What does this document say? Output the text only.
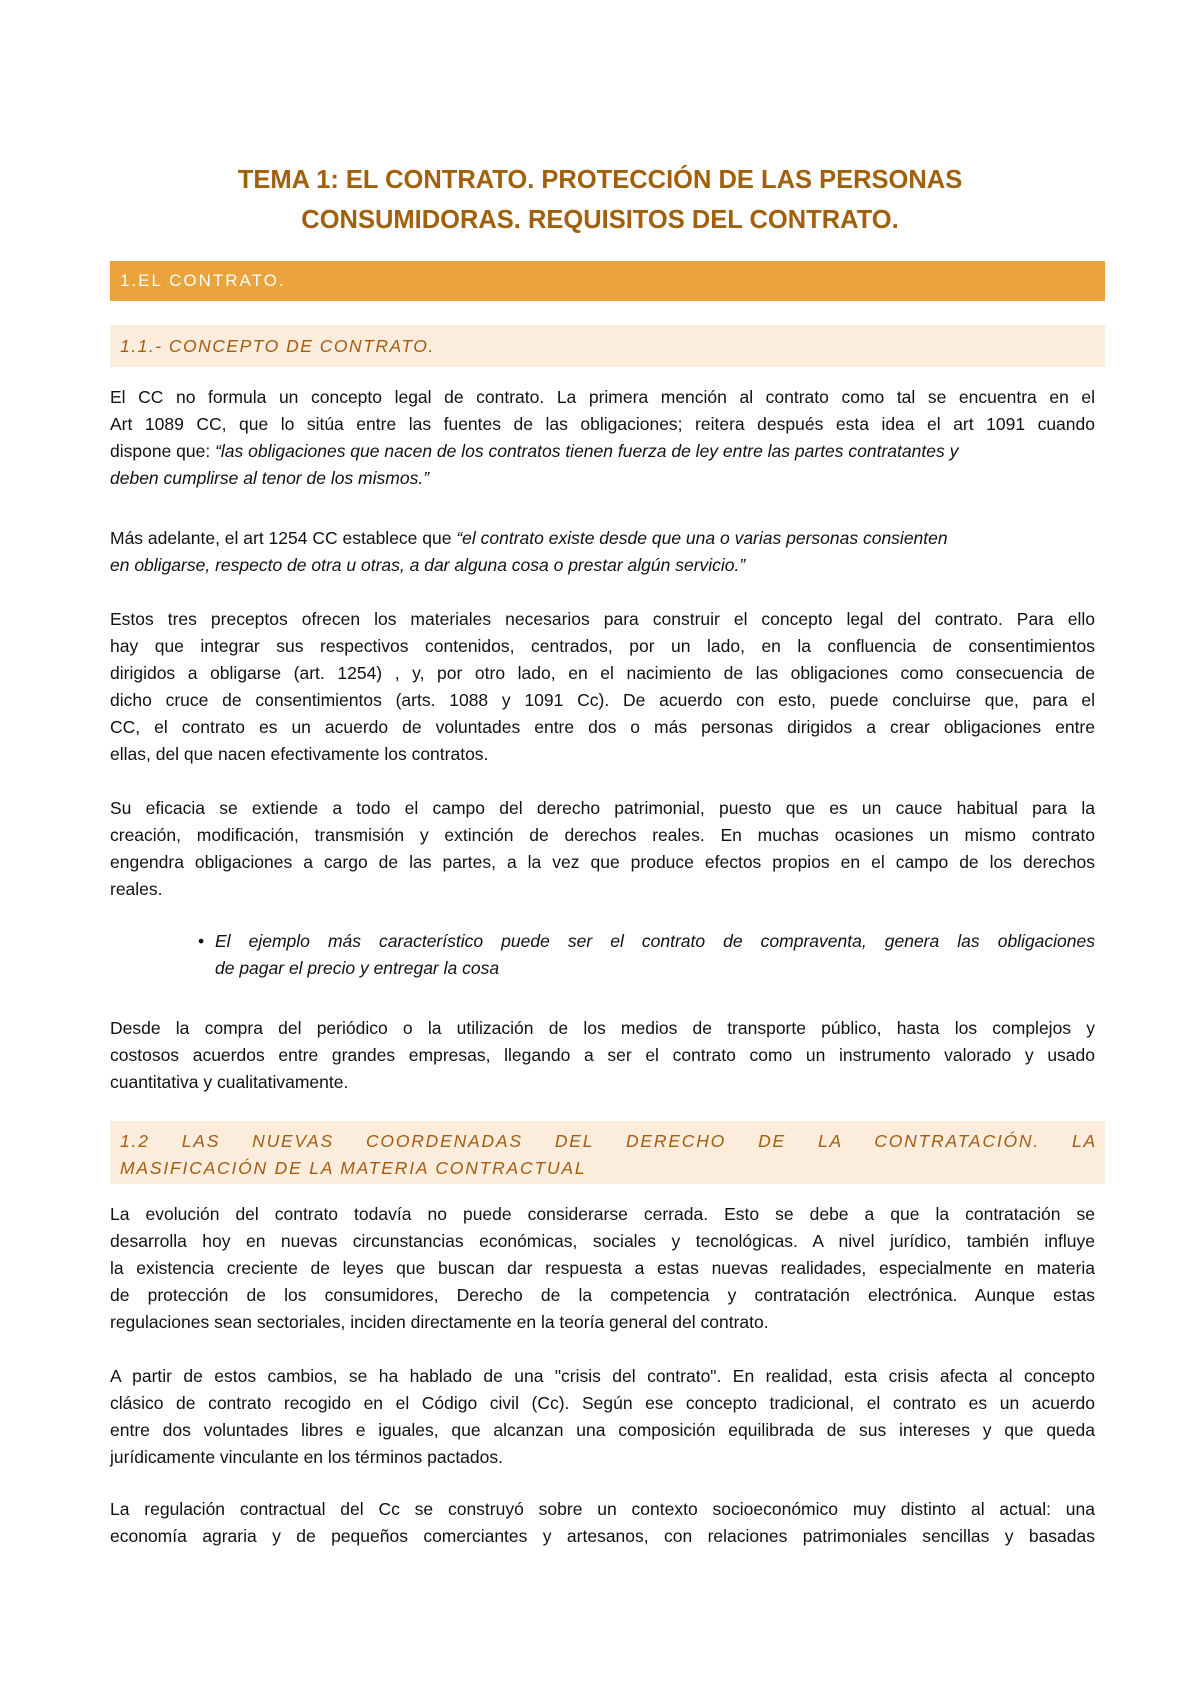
TEMA 1: EL CONTRATO. PROTECCIÓN DE LAS PERSONAS
CONSUMIDORAS. REQUISITOS DEL CONTRATO.
1.EL CONTRATO.
1.1.- CONCEPTO DE CONTRATO.
El CC no formula un concepto legal de contrato. La primera mención al contrato como tal se encuentra en el
Art 1089 CC, que lo sitúa entre las fuentes de las obligaciones; reitera después esta idea el art 1091 cuando
dispone que: “las obligaciones que nacen de los contratos tienen fuerza de ley entre las partes contratantes y
deben cumplirse al tenor de los mismos.”
Más adelante, el art 1254 CC establece que “el contrato existe desde que una o varias personas consienten
en obligarse, respecto de otra u otras, a dar alguna cosa o prestar algún servicio.”
Estos tres preceptos ofrecen los materiales necesarios para construir el concepto legal del contrato. Para ello
hay que integrar sus respectivos contenidos, centrados, por un lado, en la confluencia de consentimientos
dirigidos a obligarse (art. 1254) , y, por otro lado, en el nacimiento de las obligaciones como consecuencia de
dicho cruce de consentimientos (arts. 1088 y 1091 Cc). De acuerdo con esto, puede concluirse que, para el
CC, el contrato es un acuerdo de voluntades entre dos o más personas dirigidos a crear obligaciones entre
ellas, del que nacen efectivamente los contratos.
Su eficacia se extiende a todo el campo del derecho patrimonial, puesto que es un cauce habitual para la
creación, modificación, transmisión y extinción de derechos reales. En muchas ocasiones un mismo contrato
engendra obligaciones a cargo de las partes, a la vez que produce efectos propios en el campo de los derechos
reales.
• El ejemplo más característico puede ser el contrato de compraventa, genera las obligaciones
de pagar el precio y entregar la cosa
Desde la compra del periódico o la utilización de los medios de transporte público, hasta los complejos y
costosos acuerdos entre grandes empresas, llegando a ser el contrato como un instrumento valorado y usado
cuantitativa y cualitativamente.
1.2 LAS NUEVAS COORDENADAS DEL DERECHO DE LA CONTRATACIÓN. LA
MASIFICACIÓN DE LA MATERIA CONTRACTUAL
La evolución del contrato todavía no puede considerarse cerrada. Esto se debe a que la contratación se
desarrolla hoy en nuevas circunstancias económicas, sociales y tecnológicas. A nivel jurídico, también influye
la existencia creciente de leyes que buscan dar respuesta a estas nuevas realidades, especialmente en materia
de protección de los consumidores, Derecho de la competencia y contratación electrónica. Aunque estas
regulaciones sean sectoriales, inciden directamente en la teoría general del contrato.
A partir de estos cambios, se ha hablado de una "crisis del contrato". En realidad, esta crisis afecta al concepto
clásico de contrato recogido en el Código civil (Cc). Según ese concepto tradicional, el contrato es un acuerdo
entre dos voluntades libres e iguales, que alcanzan una composición equilibrada de sus intereses y que queda
jurídicamente vinculante en los términos pactados.
La regulación contractual del Cc se construyó sobre un contexto socioeconómico muy distinto al actual: una
economía agraria y de pequeños comerciantes y artesanos, con relaciones patrimoniales sencillas y basadas
